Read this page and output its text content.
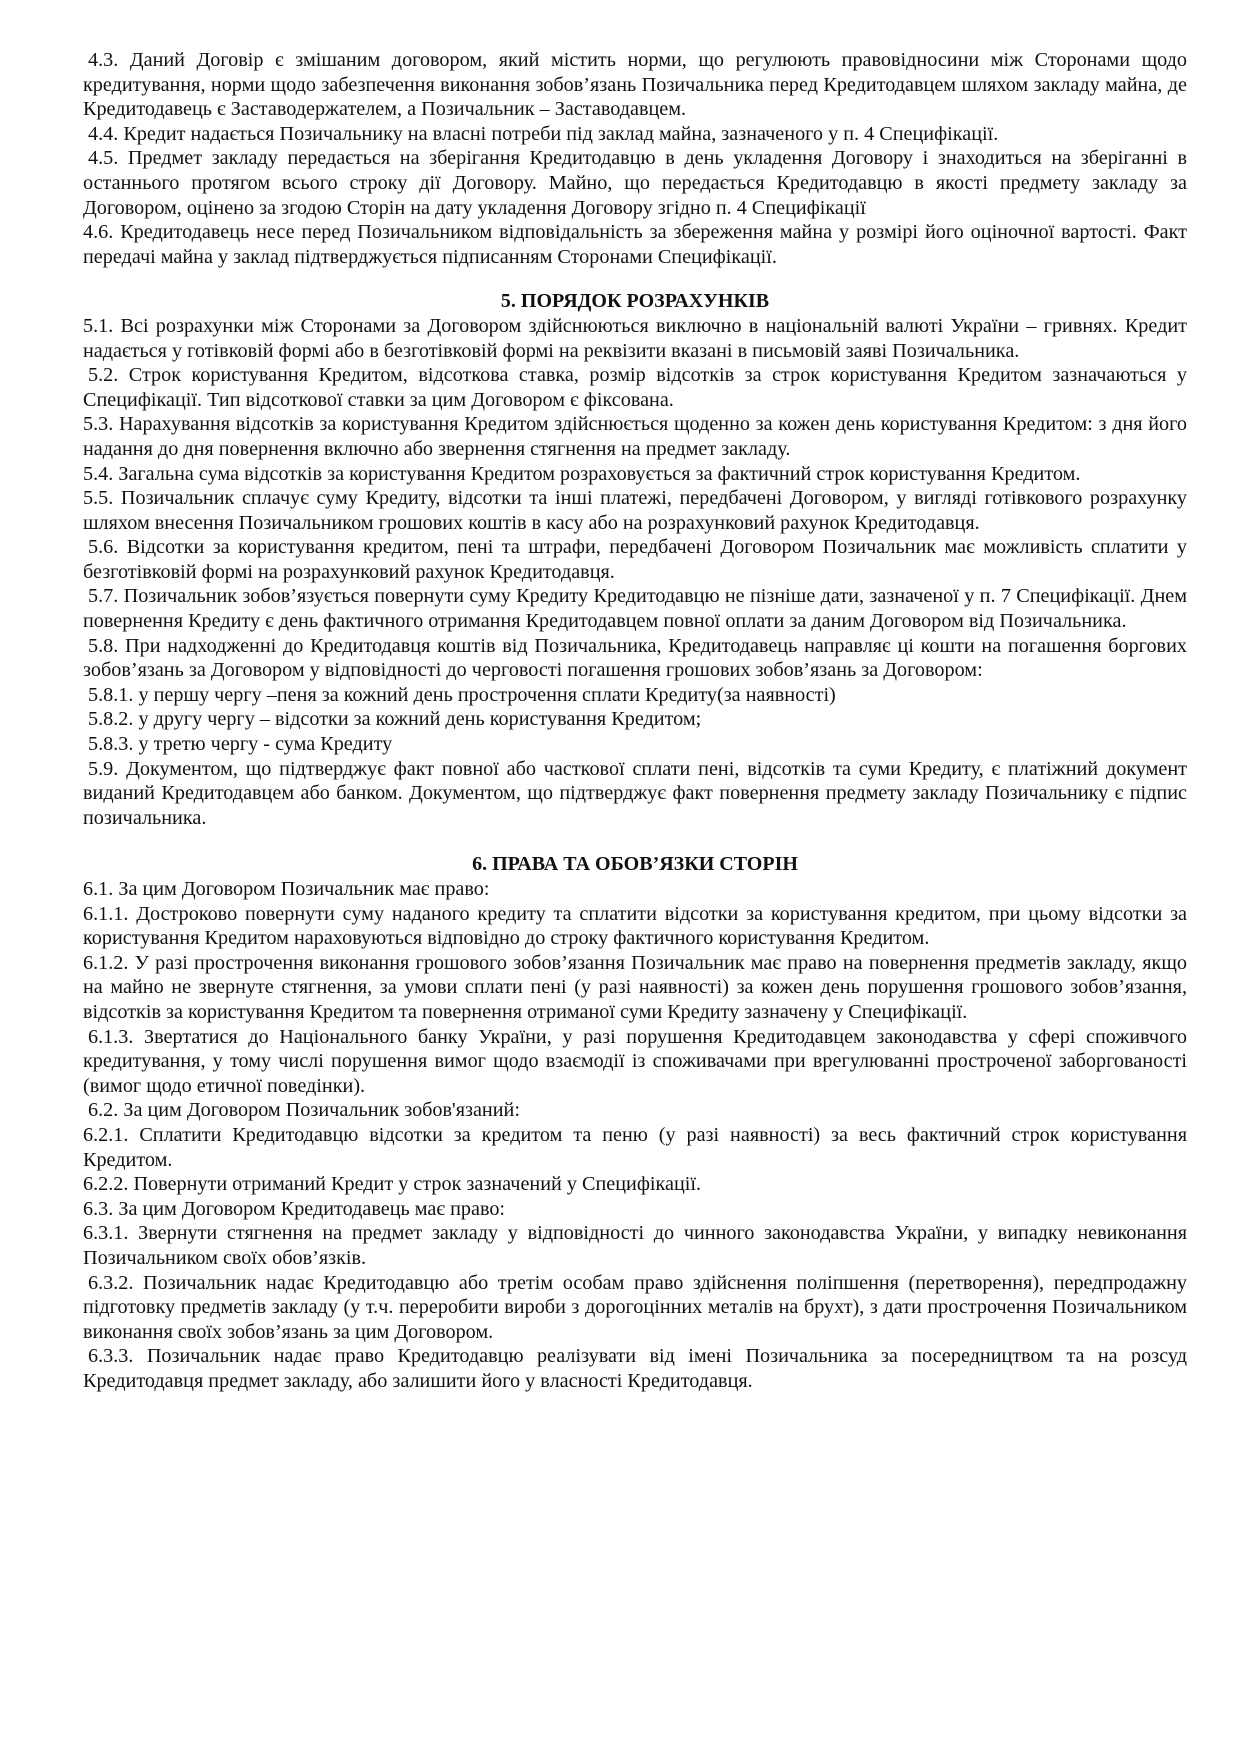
4.3. Даний Договір є змішаним договором, який містить норми, що регулюють правовідносини між Сторонами щодо кредитування, норми щодо забезпечення виконання зобов’язань Позичальника перед Кредитодавцем шляхом закладу майна, де Кредитодавець є Заставодержателем, а Позичальник – Заставодавцем.

4.4. Кредит надається Позичальнику на власні потреби під заклад майна, зазначеного у п. 4 Специфікації.

4.5. Предмет закладу передається на зберігання Кредитодавцю в день укладення Договору і знаходиться на зберіганні в останнього протягом всього строку дії Договору. Майно, що передається Кредитодавцю в якості предмету закладу за Договором, оцінено за згодою Сторін на дату укладення Договору згідно п. 4 Специфікації

4.6. Кредитодавець несе перед Позичальником відповідальність за збереження майна у розмірі його оціночної вартості. Факт передачі майна у заклад підтверджується підписанням Сторонами Специфікації.

5. ПОРЯДОК РОЗРАХУНКІВ

5.1. Всі розрахунки між Сторонами за Договором здійснюються виключно в національній валюті України – гривнях. Кредит надається у готівковій формі або в безготівковій формі на реквізити вказані в письмовій заяві Позичальника.

5.2. Строк користування Кредитом, відсоткова ставка, розмір відсотків за строк користування Кредитом зазначаються у Специфікації. Тип відсоткової ставки за цим Договором є фіксована.

5.3. Нарахування відсотків за користування Кредитом здійснюється щоденно за кожен день користування Кредитом: з дня його надання до дня повернення включно або звернення стягнення на предмет закладу.

5.4. Загальна сума відсотків за користування Кредитом розраховується за фактичний строк користування Кредитом.

5.5. Позичальник сплачує суму Кредиту, відсотки та інші платежі, передбачені Договором, у вигляді готівкового розрахунку шляхом внесення Позичальником грошових коштів в касу або на розрахунковий рахунок Кредитодавця.

5.6. Відсотки за користування кредитом, пені та штрафи, передбачені Договором Позичальник має можливість сплатити у безготівковій формі на розрахунковий рахунок Кредитодавця.

5.7. Позичальник зобов’язується повернути суму Кредиту Кредитодавцю не пізніше дати, зазначеної у п. 7 Специфікації. Днем повернення Кредиту є день фактичного отримання Кредитодавцем повної оплати за даним Договором від Позичальника.

5.8. При надходженні до Кредитодавця коштів від Позичальника, Кредитодавець направляє ці кошти на погашення боргових зобов’язань за Договором у відповідності до черговості погашення грошових зобов’язань за Договором:

5.8.1. у першу чергу –пеня за кожний день прострочення сплати Кредиту(за наявності)

5.8.2. у другу чергу – відсотки за кожний день користування Кредитом;

5.8.3. у третю чергу - сума Кредиту

5.9. Документом, що підтверджує факт повної або часткової сплати пені, відсотків та суми Кредиту, є платіжний документ виданий Кредитодавцем або банком. Документом, що підтверджує факт повернення предмету закладу Позичальнику є підпис позичальника.

6. ПРАВА ТА ОБОВ’ЯЗКИ СТОРІН

6.1. За цим Договором Позичальник має право:

6.1.1. Достроково повернути суму наданого кредиту та сплатити відсотки за користування кредитом, при цьому відсотки за користування Кредитом нараховуються відповідно до строку фактичного користування Кредитом.

6.1.2. У разі прострочення виконання грошового зобов’язання Позичальник має право на повернення предметів закладу, якщо на майно не звернуте стягнення, за умови сплати пені (у разі наявності) за кожен день порушення грошового зобов’язання, відсотків за користування Кредитом та повернення отриманої суми Кредиту зазначену у Специфікації.

6.1.3. Звертатися до Національного банку України, у разі порушення Кредитодавцем законодавства у сфері споживчого кредитування, у тому числі порушення вимог щодо взаємодії із споживачами при врегулюванні простроченої заборгованості (вимог щодо етичної поведінки).

6.2. За цим Договором Позичальник зобов'язаний:

6.2.1. Сплатити Кредитодавцю відсотки за кредитом та пеню (у разі наявності) за весь фактичний строк користування Кредитом.

6.2.2. Повернути отриманий Кредит у строк зазначений у Специфікації.

6.3. За цим Договором Кредитодавець має право:

6.3.1. Звернути стягнення на предмет закладу у відповідності до чинного законодавства України, у випадку невиконання Позичальником своїх обов’язків.

6.3.2. Позичальник надає Кредитодавцю або третім особам право здійснення поліпшення (перетворення), передпродажну підготовку предметів закладу (у т.ч. переробити вироби з дорогоцінних металів на брухт), з дати прострочення Позичальником виконання своїх зобов’язань за цим Договором.

6.3.3. Позичальник надає право Кредитодавцю реалізувати від імені Позичальника за посередництвом та на розсуд Кредитодавця предмет закладу, або залишити його у власності Кредитодавця.
